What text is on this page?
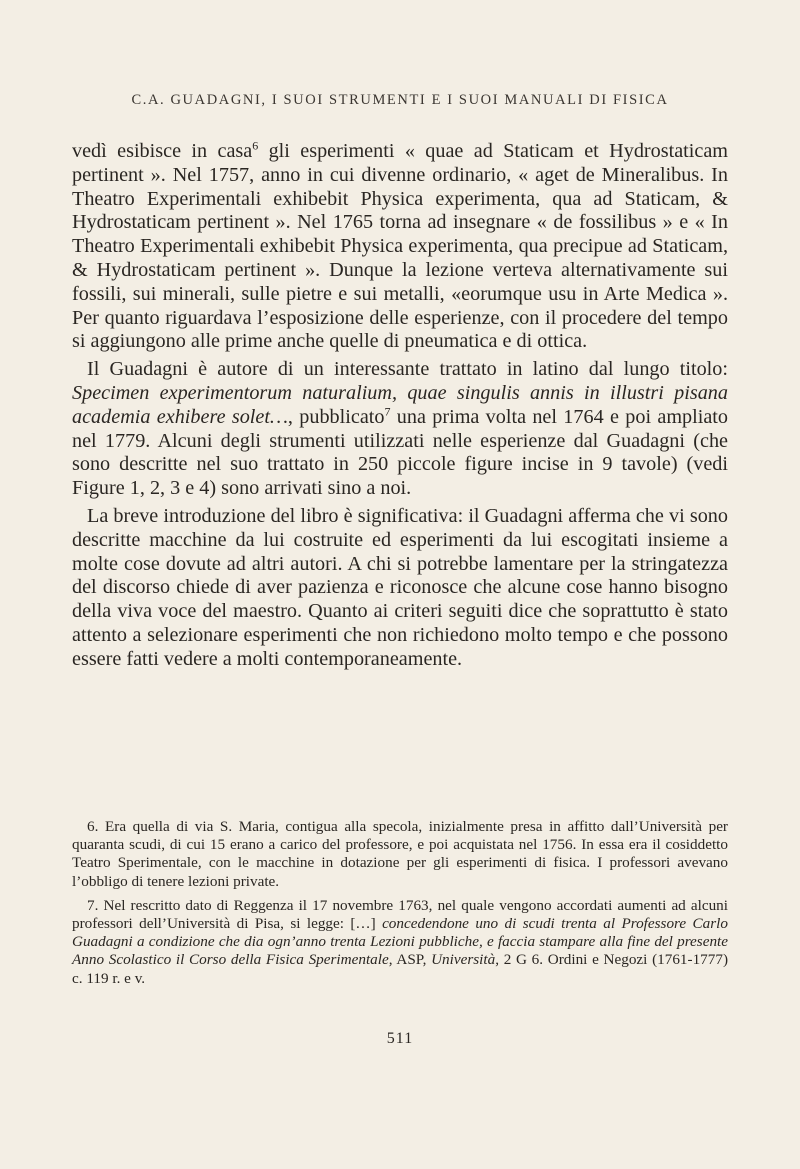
C.A. GUADAGNI, I SUOI STRUMENTI E I SUOI MANUALI DI FISICA

vedì esibisce in casa$^6$ gli esperimenti « quae ad Staticam et Hydrostaticam pertinent ». Nel 1757, anno in cui divenne ordinario, « aget de Mineralibus. In Theatro Experimentali exhibebit Physica experimenta, qua ad Staticam, & Hydrostaticam pertinent ». Nel 1765 torna ad insegnare « de fossilibus » e « In Theatro Experimentali exhibebit Physica experimenta, qua precipue ad Staticam, & Hydrostaticam pertinent ». Dunque la lezione verteva alternativamente sui fossili, sui minerali, sulle pietre e sui metalli, «eorumque usu in Arte Medica ». Per quanto riguardava l’esposizione delle esperienze, con il procedere del tempo si aggiungono alle prime anche quelle di pneumatica e di ottica.

Il Guadagni è autore di un interessante trattato in latino dal lungo titolo: Specimen experimentorum naturalium, quae singulis annis in illustri pisana academia exhibere solet…, pubblicato$^7$ una prima volta nel 1764 e poi ampliato nel 1779. Alcuni degli strumenti utilizzati nelle esperienze dal Guadagni (che sono descritte nel suo trattato in 250 piccole figure incise in 9 tavole) (vedi Figure 1, 2, 3 e 4) sono arrivati sino a noi.

La breve introduzione del libro è significativa: il Guadagni afferma che vi sono descritte macchine da lui costruite ed esperimenti da lui escogitati insieme a molte cose dovute ad altri autori. A chi si potrebbe lamentare per la stringatezza del discorso chiede di aver pazienza e riconosce che alcune cose hanno bisogno della viva voce del maestro. Quanto ai criteri seguiti dice che soprattutto è stato attento a selezionare esperimenti che non richiedono molto tempo e che possono essere fatti vedere a molti contemporaneamente.

6. Era quella di via S. Maria, contigua alla specola, inizialmente presa in affitto dall’Università per quaranta scudi, di cui 15 erano a carico del professore, e poi acquistata nel 1756. In essa era il cosiddetto Teatro Sperimentale, con le macchine in dotazione per gli esperimenti di fisica. I professori avevano l’obbligo di tenere lezioni private.

7. Nel rescritto dato di Reggenza il 17 novembre 1763, nel quale vengono accordati aumenti ad alcuni professori dell’Università di Pisa, si legge: […] concedendone uno di scudi trenta al Professore Carlo Guadagni a condizione che dia ogn’anno trenta Lezioni pubbliche, e faccia stampare alla fine del presente Anno Scolastico il Corso della Fisica Sperimentale, ASP, Università, 2 G 6. Ordini e Negozi (1761-1777) c. 119 r. e v.

511
